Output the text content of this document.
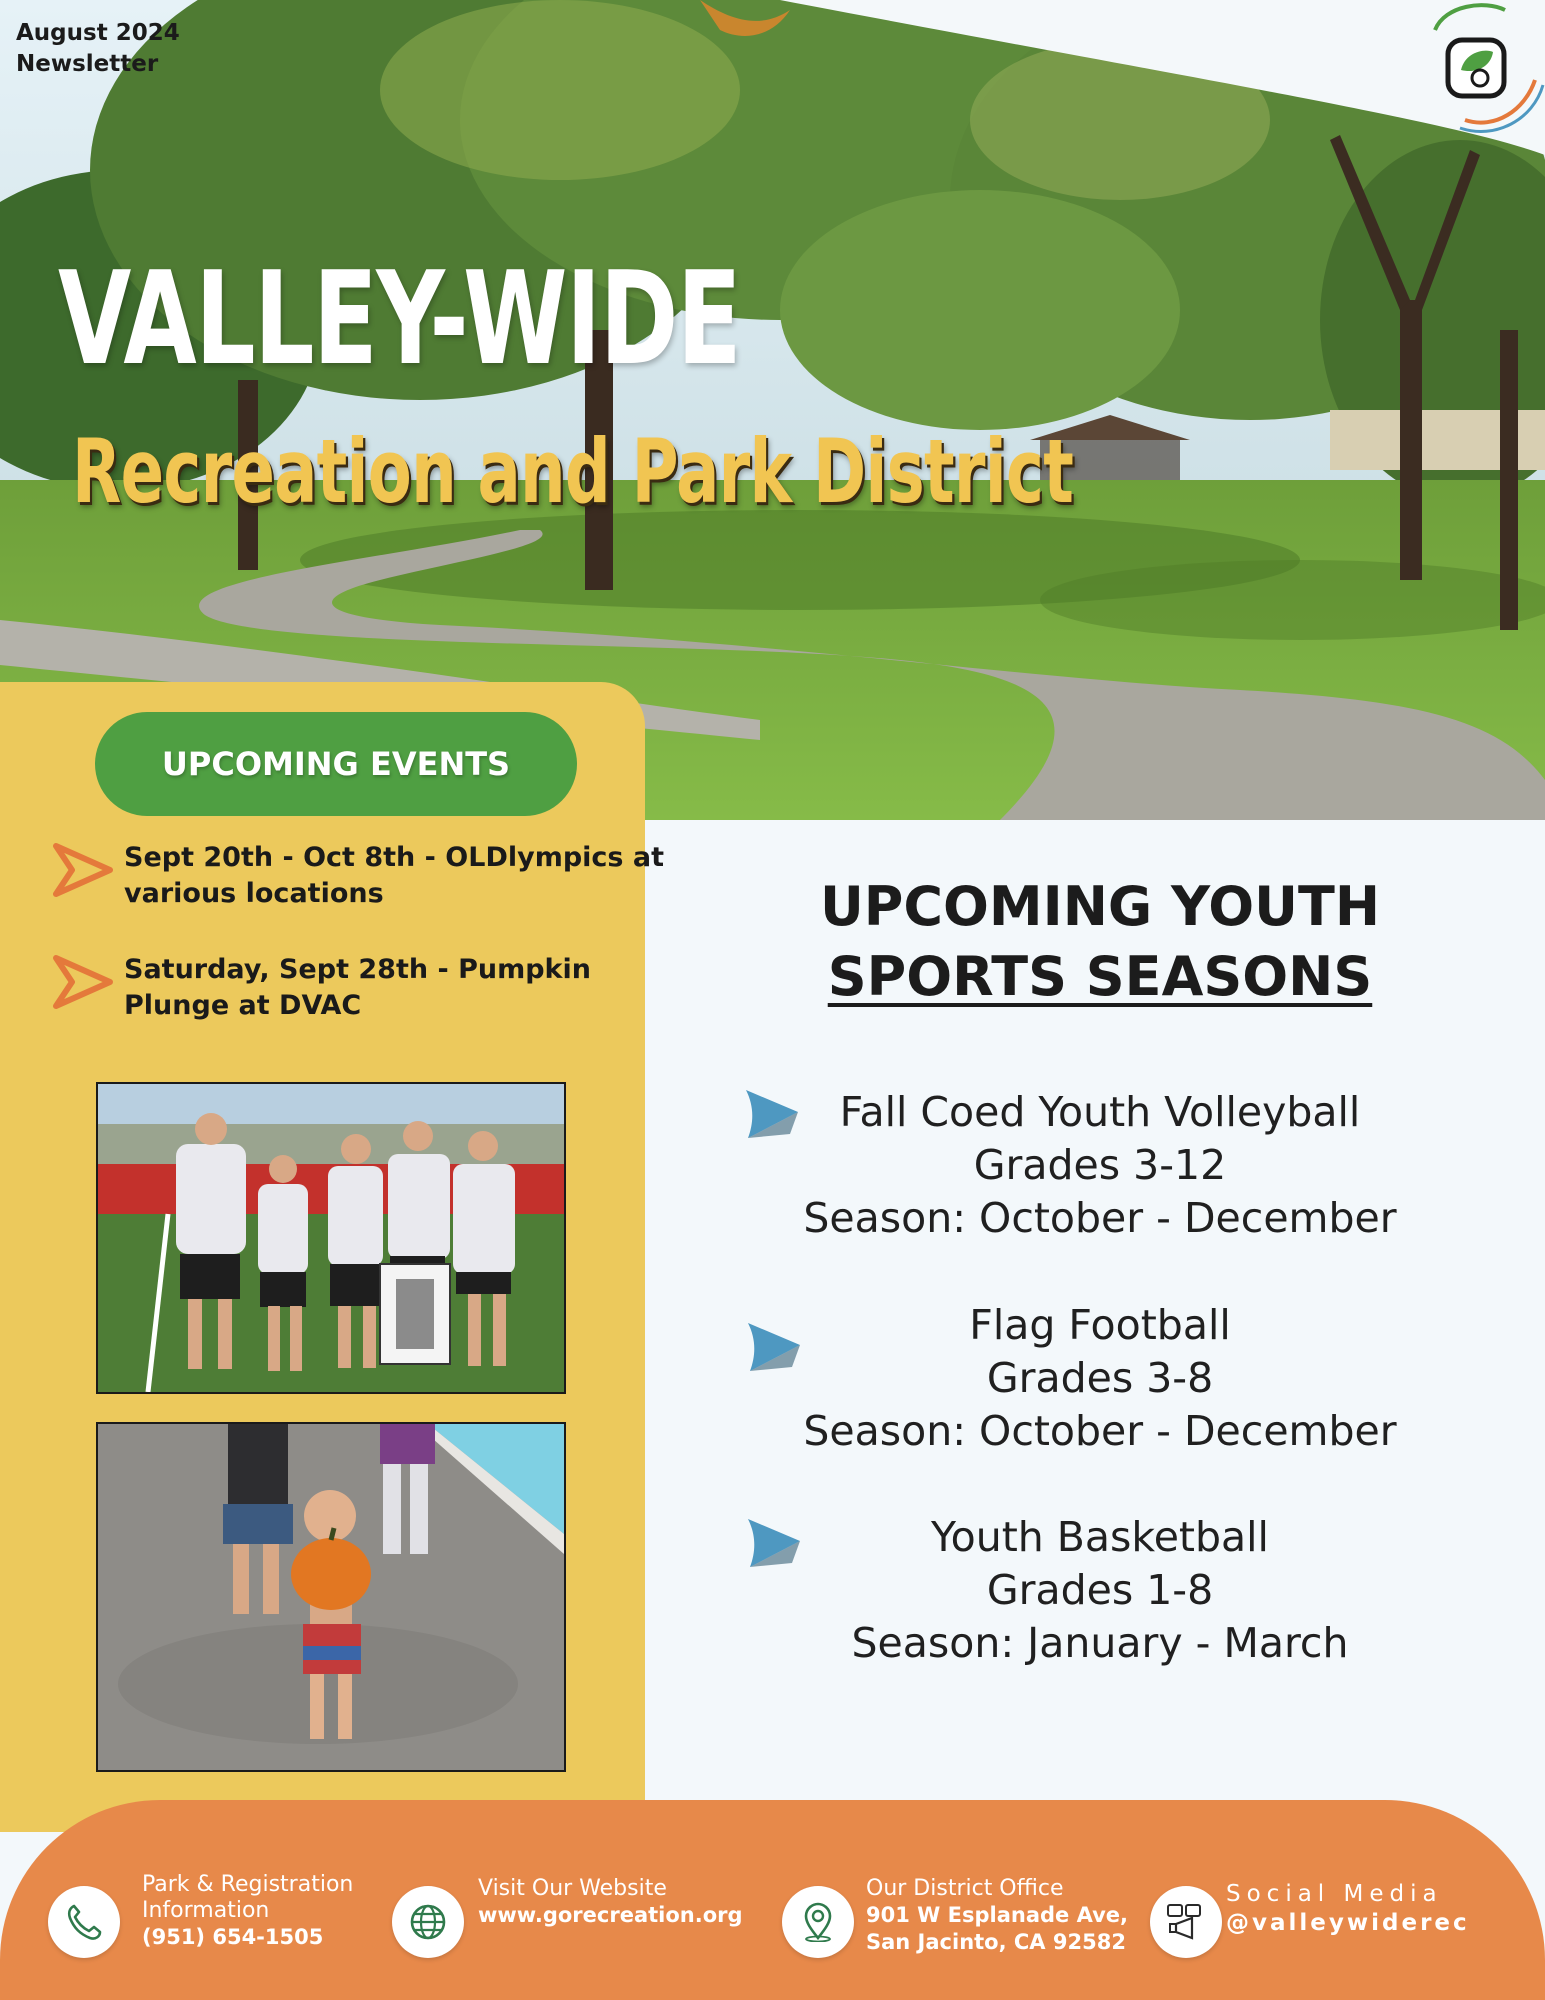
August 2024
Newsletter
VALLEY-WIDE
Recreation and Park District
UPCOMING EVENTS
Sept 20th - Oct 8th - OLDlympics at various locations
Saturday, Sept 28th - Pumpkin Plunge at DVAC
UPCOMING YOUTH
SPORTS SEASONS
Fall Coed Youth Volleyball
Grades 3-12
Season: October - December
Flag Football
Grades 3-8
Season: October - December
Youth Basketball
Grades 1-8
Season: January - March
Park & Registration
Information
(951) 654-1505
Visit Our Website
www.gorecreation.org
Our District Office
901 W Esplanade Ave,
San Jacinto, CA 92582
Social Media
@valleywiderec
